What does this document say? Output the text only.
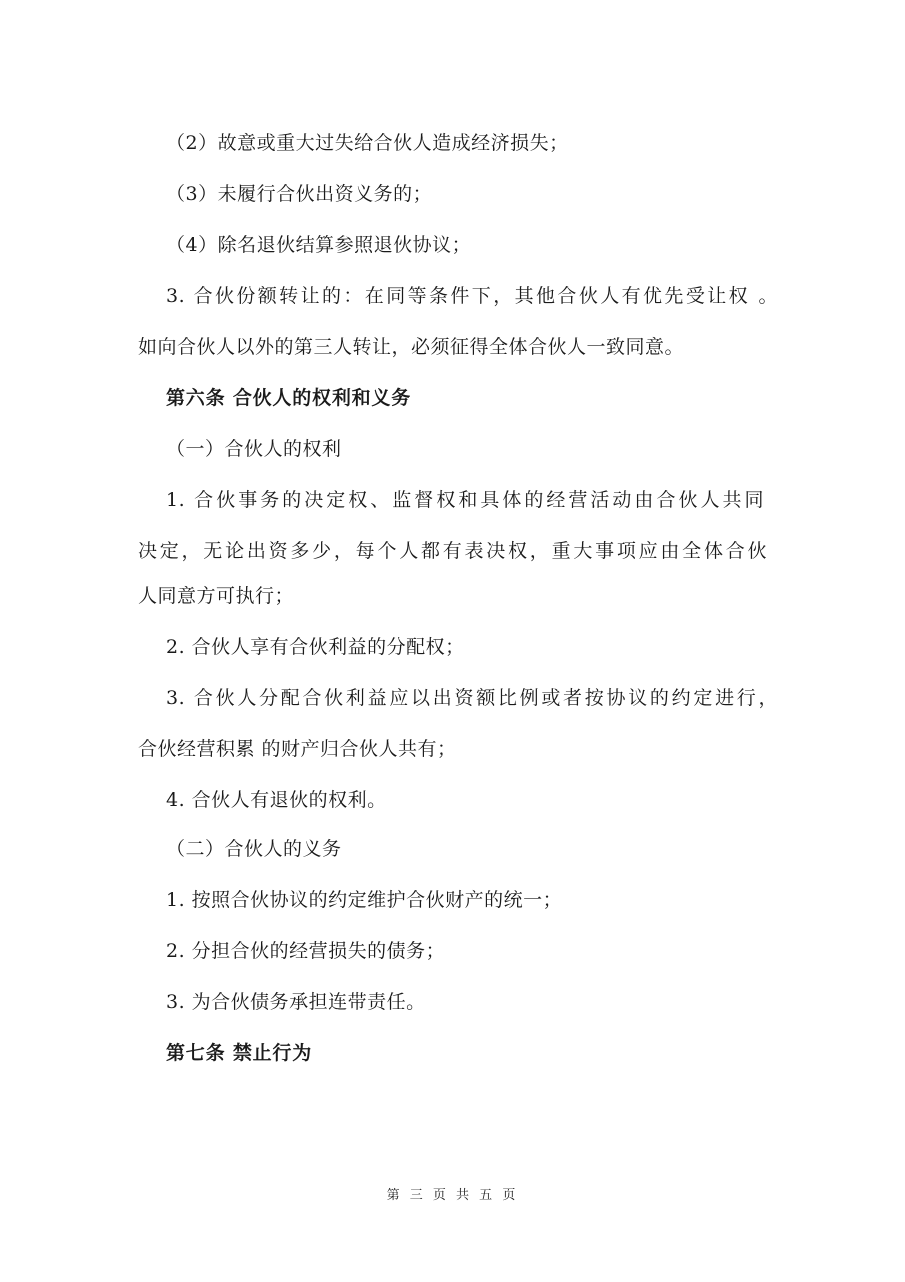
（2）故意或重大过失给合伙人造成经济损失；
（3）未履行合伙出资义务的；
（4）除名退伙结算参照退伙协议；
3. 合伙份额转让的：在同等条件下，其他合伙人有优先受让权 。
如向合伙人以外的第三人转让，必须征得全体合伙人一致同意。
第六条 合伙人的权利和义务
（一）合伙人的权利
1. 合伙事务的决定权、监督权和具体的经营活动由合伙人共同
决定，无论出资多少，每个人都有表决权，重大事项应由全体合伙
人同意方可执行；
2. 合伙人享有合伙利益的分配权；
3. 合伙人分配合伙利益应以出资额比例或者按协议的约定进行，
合伙经营积累 的财产归合伙人共有；
4. 合伙人有退伙的权利。
（二）合伙人的义务
1. 按照合伙协议的约定维护合伙财产的统一；
2. 分担合伙的经营损失的债务；
3. 为合伙债务承担连带责任。
第七条 禁止行为
第 三 页 共 五 页
